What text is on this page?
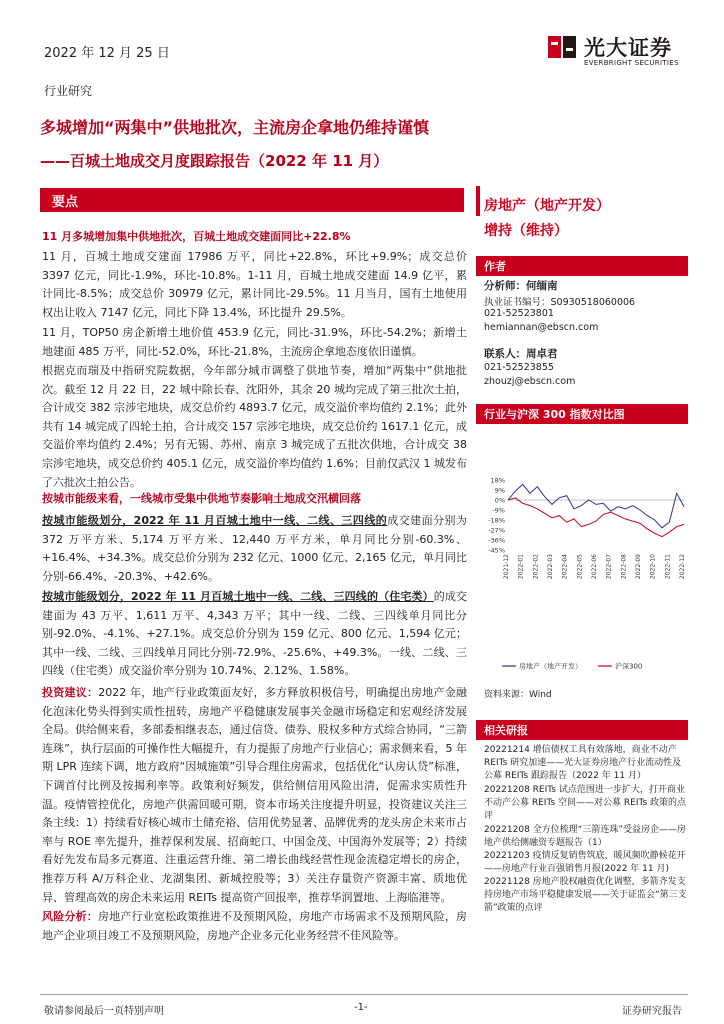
2022 年 12 月 25 日	光大证券
EVERBRIGHT SECURITIES
行业研究
多城增加“两集中”供地批次，主流房企拿地仍维持谨慎
——百城土地成交月度跟踪报告（2022 年 11 月）
要点
11 月多城增加集中供地批次，百城土地成交建面同比+22.8%
11 月，百城土地成交建面 17986 万平，同比+22.8%，环比+9.9%；成交总价 3397 亿元，同比-1.9%，环比-10.8%。1-11 月，百城土地成交建面 14.9 亿平，累计同比-8.5%；成交总价 30979 亿元，累计同比-29.5%。11 月当月，国有土地使用权出让收入 7147 亿元，同比下降 13.4%，环比提升 29.5%。
11 月，TOP50 房企新增土地价值 453.9 亿元，同比-31.9%，环比-54.2%；新增土地建面 485 万平，同比-52.0%，环比-21.8%，主流房企拿地态度依旧谨慎。
根据克而瑞及中指研究院数据，今年部分城市调整了供地节奏，增加“两集中”供地批次。截至 12 月 22 日，22 城中除长春、沈阳外，其余 20 城均完成了第三批次土拍，合计成交 382 宗涉宅地块，成交总价约 4893.7 亿元，成交溢价率均值约 2.1%；此外共有 14 城完成了四轮土拍，合计成交 157 宗涉宅地块，成交总价约 1617.1 亿元，成交溢价率均值约 2.4%；另有无锡、苏州、南京 3 城完成了五批次供地，合计成交 38 宗涉宅地块，成交总价约 405.1 亿元，成交溢价率均值约 1.6%；目前仅武汉 1 城发布了六批次土拍公告。
按城市能级来看，一线城市受集中供地节奏影响土地成交汛横回落
按城市能级划分，2022 年 11 月百城土地中一线、二线、三四线的成交建面分别为 372 万平方米、5,174 万平方米、12,440 万平方米，单月同比分别-60.3%、+16.4%、+34.3%。成交总价分别为 232 亿元、1000 亿元、2,165 亿元，单月同比分别-66.4%、-20.3%、+42.6%。
按城市能级划分，2022 年 11 月百城土地中一线、二线、三四线的（住宅类）的成交建面为 43 万平、1,611 万平、4,343 万平；其中一线、二线、三四线单月同比分别-92.0%、-4.1%、+27.1%。成交总价分别为 159 亿元、800 亿元、1,594 亿元；其中一线、二线、三四线单月同比分别-72.9%、-25.6%、+49.3%。一线、二线、三四线（住宅类）成交溢价率分别为 10.74%、2.12%、1.58%。
投资建议：2022 年，地产行业政策面友好，多方释放积极信号，明确提出房地产金融化泡沫化势头得到实质性扭转，房地产平稳健康发展事关金融市场稳定和宏观经济发展全局。供给侧来看，多部委相继表态，通过信贷、债券、股权多种方式综合协同，“三箭连珠”，执行层面的可操作性大幅提升，有力提振了房地产行业信心；需求侧来看，5 年期 LPR 连续下调，地方政府“因城施策”引导合理住房需求，包括优化“认房认贷”标准，下调首付比例及按揭利率等。政策利好频发，供给侧信用风险出清，促需求实质性升温。疫情管控优化，房地产供需回暖可期，资本市场关注度提升明显，投资建议关注三条主线：1）持续看好核心城市土储充裕、信用优势显著、品牌优秀的龙头房企未来市占率与 ROE 率先提升，推荐保利发展、招商蛇口、中国金茂、中国海外发展等；2）持续看好先发布局多元赛道、注重运营升维、第二增长曲线经营性现金流稳定增长的房企，推荐万科 A/万科企业、龙湖集团、新城控股等；3）关注存量资产资源丰富、质地优异、管理高效的房企未来运用 REITs 提高资产回报率，推荐华润置地、上海临港等。
风险分析：房地产行业宽松政策推进不及预期风险，房地产市场需求不及预期风险，房地产企业项目竣工不及预期风险，房地产企业多元化业务经营不佳风险等。
房地产（地产开发）
增持（维持）
作者
分析师：何缅南
执业证书编号：S0930518060006
021-52523801
hemiannan@ebscn.com
联系人：周卓君
021-52523855
zhouzj@ebscn.com
行业与沪深 300 指数对比图
18%
9%
0%
-9%
-18%
-27%
-36%
-45%
2021-12 2022-01 2022-02 2022-03 2022-04 2022-05 2022-06 2022-07 2022-08 2022-09 2022-10 2022-11 2022-12
房地产（地产开发）	沪深300
资料来源：Wind
相关研报
20221214 增信债权工具有效落地，商业不动产 REITs 研究加速——光大证券房地产行业流动性及公募 REITs 跟踪报告（2022 年 11 月）
20221208 REITs 试点范围进一步扩大，打开商业不动产公募 REITs 空间——对公募 REITs 政策的点评
20221208 全方位梳理“三箭连珠”受益房企——房地产供给侧融资专题报告（1）
20221203 疫情反复销售筑底，暖风频吹静候花开——房地产行业百强销售月报(2022 年 11 月)
20221128 房地产股权融资优化调整，多箭齐发支持房地产市场平稳健康发展——关于证监会“第三支箭”政策的点评
敬请参阅最后一页特别声明	-1-	证券研究报告
